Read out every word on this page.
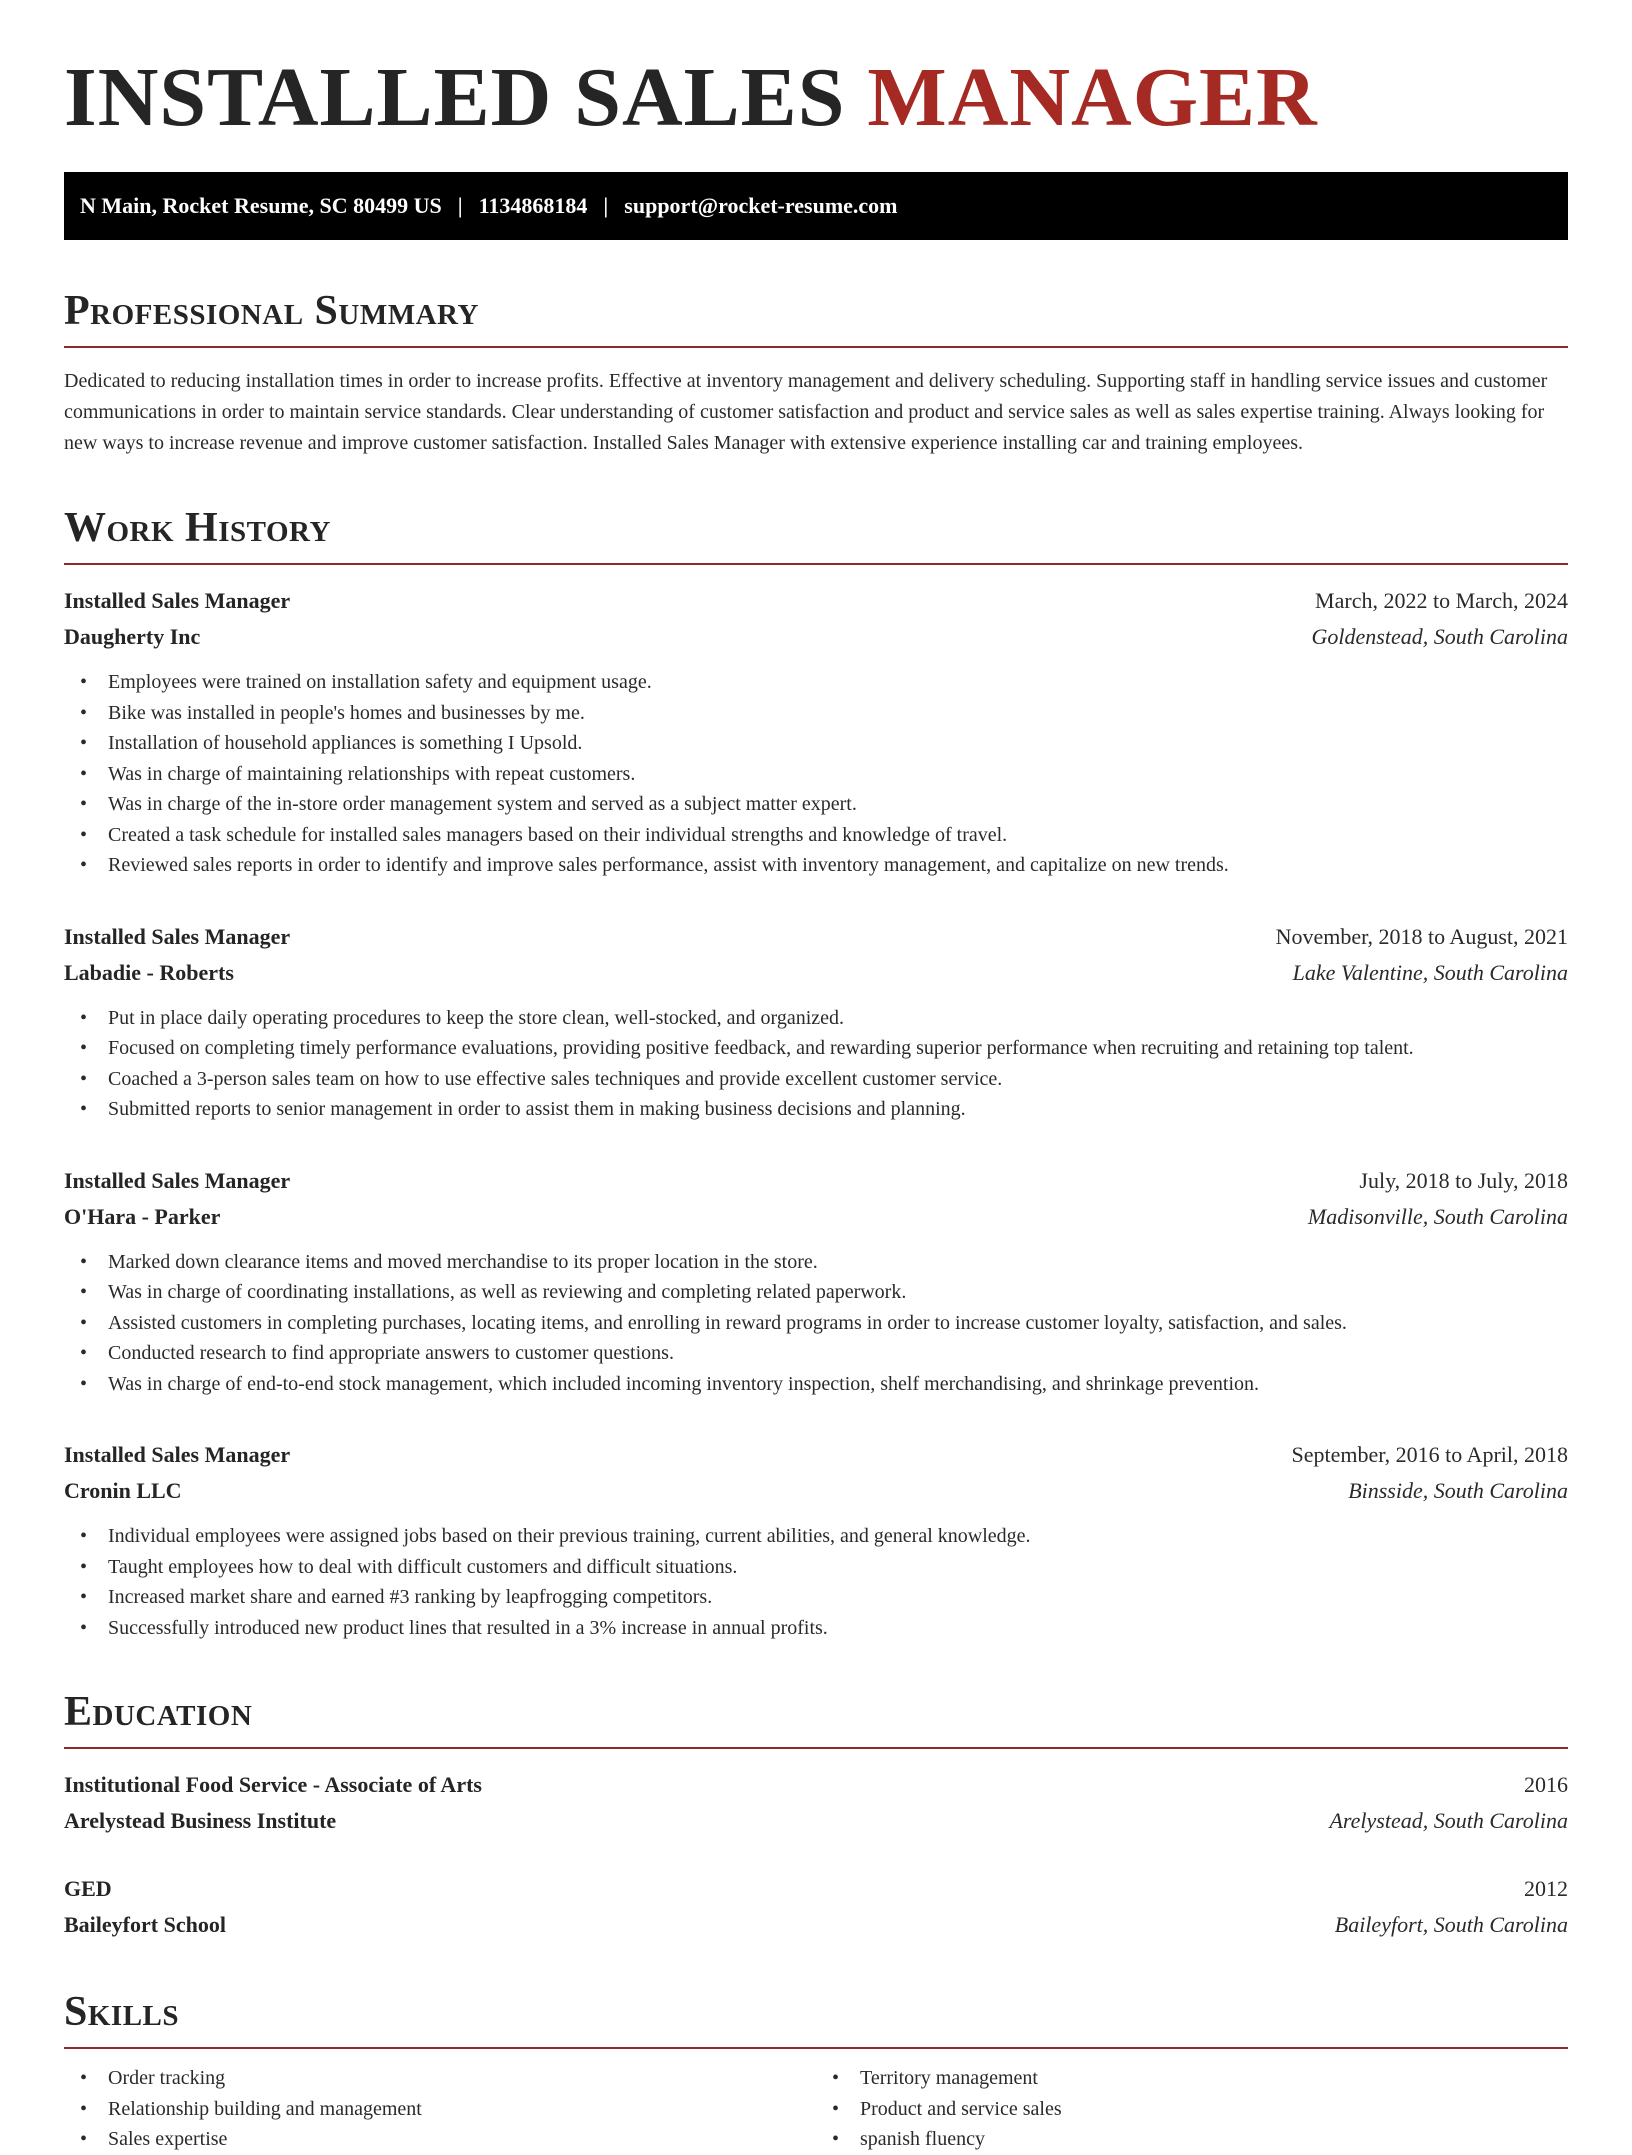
INSTALLED SALES MANAGER
N Main, Rocket Resume, SC 80499 US | 1134868184 | support@rocket-resume.com
Professional Summary

Dedicated to reducing installation times in order to increase profits. Effective at inventory management and delivery scheduling. Supporting staff in handling service issues and customer communications in order to maintain service standards. Clear understanding of customer satisfaction and product and service sales as well as sales expertise training. Always looking for new ways to increase revenue and improve customer satisfaction. Installed Sales Manager with extensive experience installing car and training employees.

Work History
Installed Sales Manager	March, 2022 to March, 2024
Daugherty Inc	Goldenstead, South Carolina
• Employees were trained on installation safety and equipment usage.
• Bike was installed in people's homes and businesses by me.
• Installation of household appliances is something I Upsold.
• Was in charge of maintaining relationships with repeat customers.
• Was in charge of the in-store order management system and served as a subject matter expert.
• Created a task schedule for installed sales managers based on their individual strengths and knowledge of travel.
• Reviewed sales reports in order to identify and improve sales performance, assist with inventory management, and capitalize on new trends.
Installed Sales Manager	November, 2018 to August, 2021
Labadie - Roberts	Lake Valentine, South Carolina
• Put in place daily operating procedures to keep the store clean, well-stocked, and organized.
• Focused on completing timely performance evaluations, providing positive feedback, and rewarding superior performance when recruiting and retaining top talent.
• Coached a 3-person sales team on how to use effective sales techniques and provide excellent customer service.
• Submitted reports to senior management in order to assist them in making business decisions and planning.
Installed Sales Manager	July, 2018 to July, 2018
O'Hara - Parker	Madisonville, South Carolina
• Marked down clearance items and moved merchandise to its proper location in the store.
• Was in charge of coordinating installations, as well as reviewing and completing related paperwork.
• Assisted customers in completing purchases, locating items, and enrolling in reward programs in order to increase customer loyalty, satisfaction, and sales.
• Conducted research to find appropriate answers to customer questions.
• Was in charge of end-to-end stock management, which included incoming inventory inspection, shelf merchandising, and shrinkage prevention.
Installed Sales Manager	September, 2016 to April, 2018
Cronin LLC	Binsside, South Carolina
• Individual employees were assigned jobs based on their previous training, current abilities, and general knowledge.
• Taught employees how to deal with difficult customers and difficult situations.
• Increased market share and earned #3 ranking by leapfrogging competitors.
• Successfully introduced new product lines that resulted in a 3% increase in annual profits.
Education
Institutional Food Service - Associate of Arts	2016
Arelystead Business Institute	Arelystead, South Carolina
GED	2012
Baileyfort School	Baileyfort, South Carolina
Skills
• Order tracking
• Relationship building and management
• Sales expertise
• Territory management
• Product and service sales
• spanish fluency
